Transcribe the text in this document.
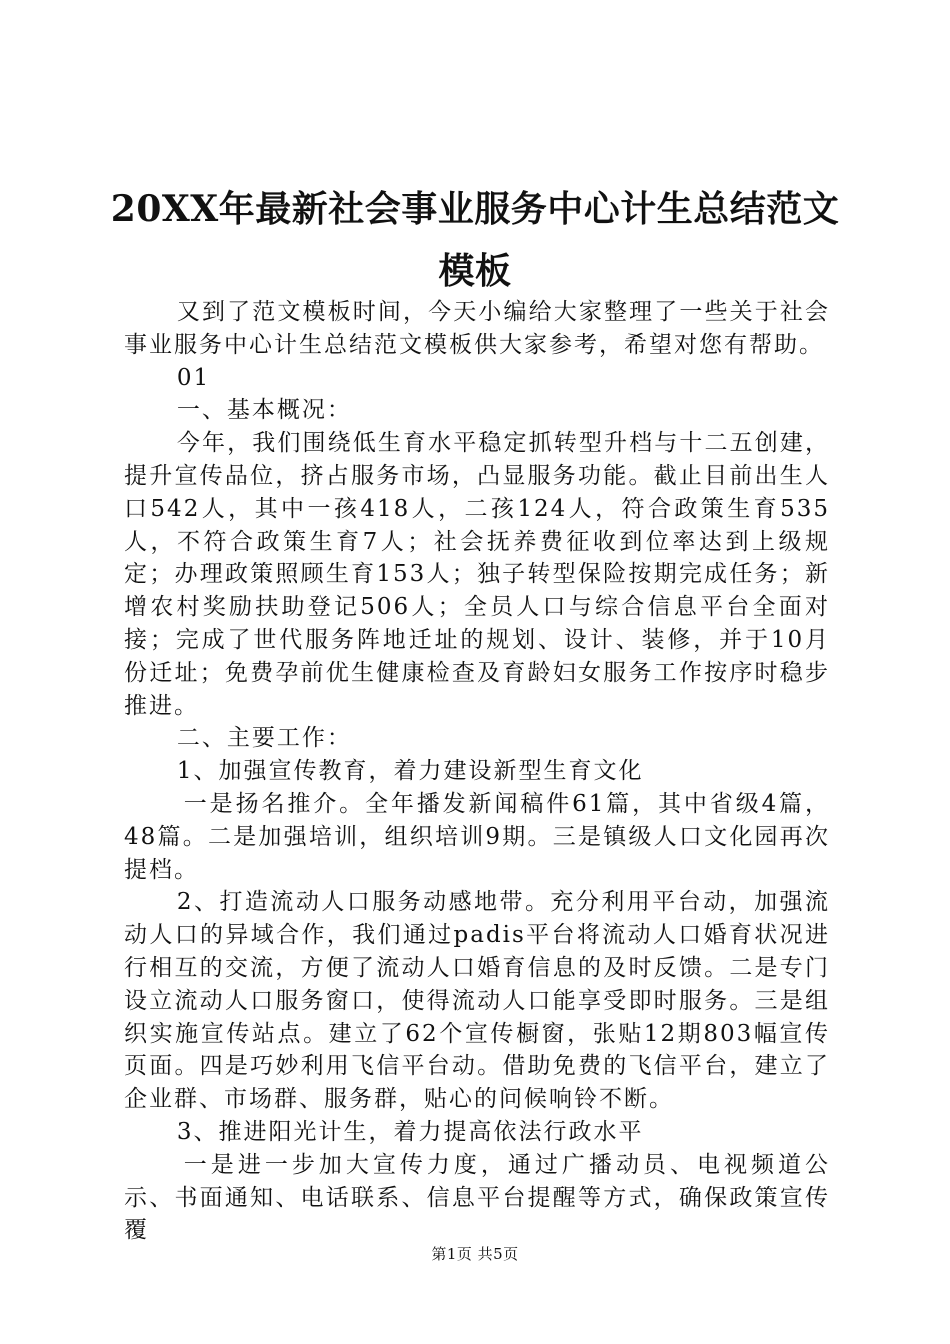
20XX年最新社会事业服务中心计生总结范文模板

又到了范文模板时间，今天小编给大家整理了一些关于社会事业服务中心计生总结范文模板供大家参考，希望对您有帮助。

01

一、基本概况：

今年，我们围绕低生育水平稳定抓转型升档与十二五创建，提升宣传品位，挤占服务市场，凸显服务功能。截止目前出生人口542人，其中一孩418人，二孩124人，符合政策生育535人，不符合政策生育7人；社会抚养费征收到位率达到上级规定；办理政策照顾生育153人；独子转型保险按期完成任务；新增农村奖励扶助登记506人；全员人口与综合信息平台全面对接；完成了世代服务阵地迁址的规划、设计、装修，并于10月份迁址；免费孕前优生健康检查及育龄妇女服务工作按序时稳步推进。

二、主要工作：

1、加强宣传教育，着力建设新型生育文化

一是扬名推介。全年播发新闻稿件61篇，其中省级4篇，48篇。二是加强培训，组织培训9期。三是镇级人口文化园再次提档。

2、打造流动人口服务动感地带。充分利用平台动，加强流动人口的异域合作，我们通过padis平台将流动人口婚育状况进行相互的交流，方便了流动人口婚育信息的及时反馈。二是专门设立流动人口服务窗口，使得流动人口能享受即时服务。三是组织实施宣传站点。建立了62个宣传橱窗，张贴12期803幅宣传页面。四是巧妙利用飞信平台动。借助免费的飞信平台，建立了企业群、市场群、服务群，贴心的问候响铃不断。

3、推进阳光计生，着力提高依法行政水平

一是进一步加大宣传力度，通过广播动员、电视频道公示、书面通知、电话联系、信息平台提醒等方式，确保政策宣传覆

第1页 共5页
